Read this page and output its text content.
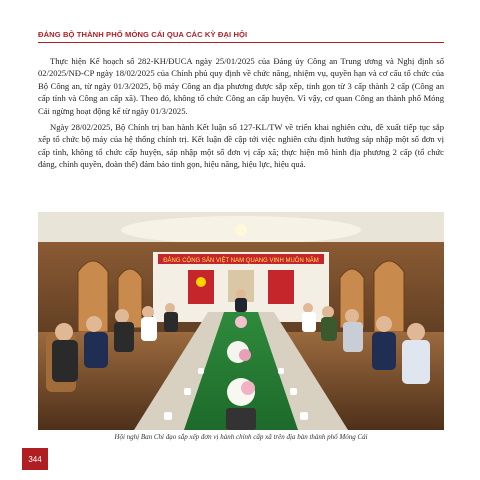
ĐẢNG BỘ THÀNH PHỐ MÓNG CÁI QUA CÁC KỲ ĐẠI HỘI

Thực hiện Kế hoạch số 282-KH/ĐUCA ngày 25/01/2025 của Đảng ủy Công an Trung ương và Nghị định số 02/2025/NĐ-CP ngày 18/02/2025 của Chính phủ quy định về chức năng, nhiệm vụ, quyền hạn và cơ cấu tổ chức của Bộ Công an, từ ngày 01/3/2025, bộ máy Công an địa phương được sắp xếp, tinh gọn từ 3 cấp thành 2 cấp (Công an cấp tỉnh và Công an cấp xã). Theo đó, không tổ chức Công an cấp huyện. Vì vậy, cơ quan Công an thành phố Móng Cái ngừng hoạt động kể từ ngày 01/3/2025.

Ngày 28/02/2025, Bộ Chính trị ban hành Kết luận số 127-KL/TW về triển khai nghiên cứu, đề xuất tiếp tục sắp xếp tổ chức bộ máy của hệ thống chính trị. Kết luận đề cập tới việc nghiên cứu định hướng sáp nhập một số đơn vị cấp tỉnh, không tổ chức cấp huyện, sáp nhập một số đơn vị cấp xã; thực hiện mô hình địa phương 2 cấp (tổ chức đảng, chính quyền, đoàn thể) đảm bảo tinh gọn, hiệu năng, hiệu lực, hiệu quả.

ĐẢNG CỘNG SẢN VIỆT NAM QUANG VINH MUÔN NĂM
Hội nghị Ban Chỉ đạo sắp xếp đơn vị hành chính cấp xã trên địa bàn thành phố Móng Cái
344
